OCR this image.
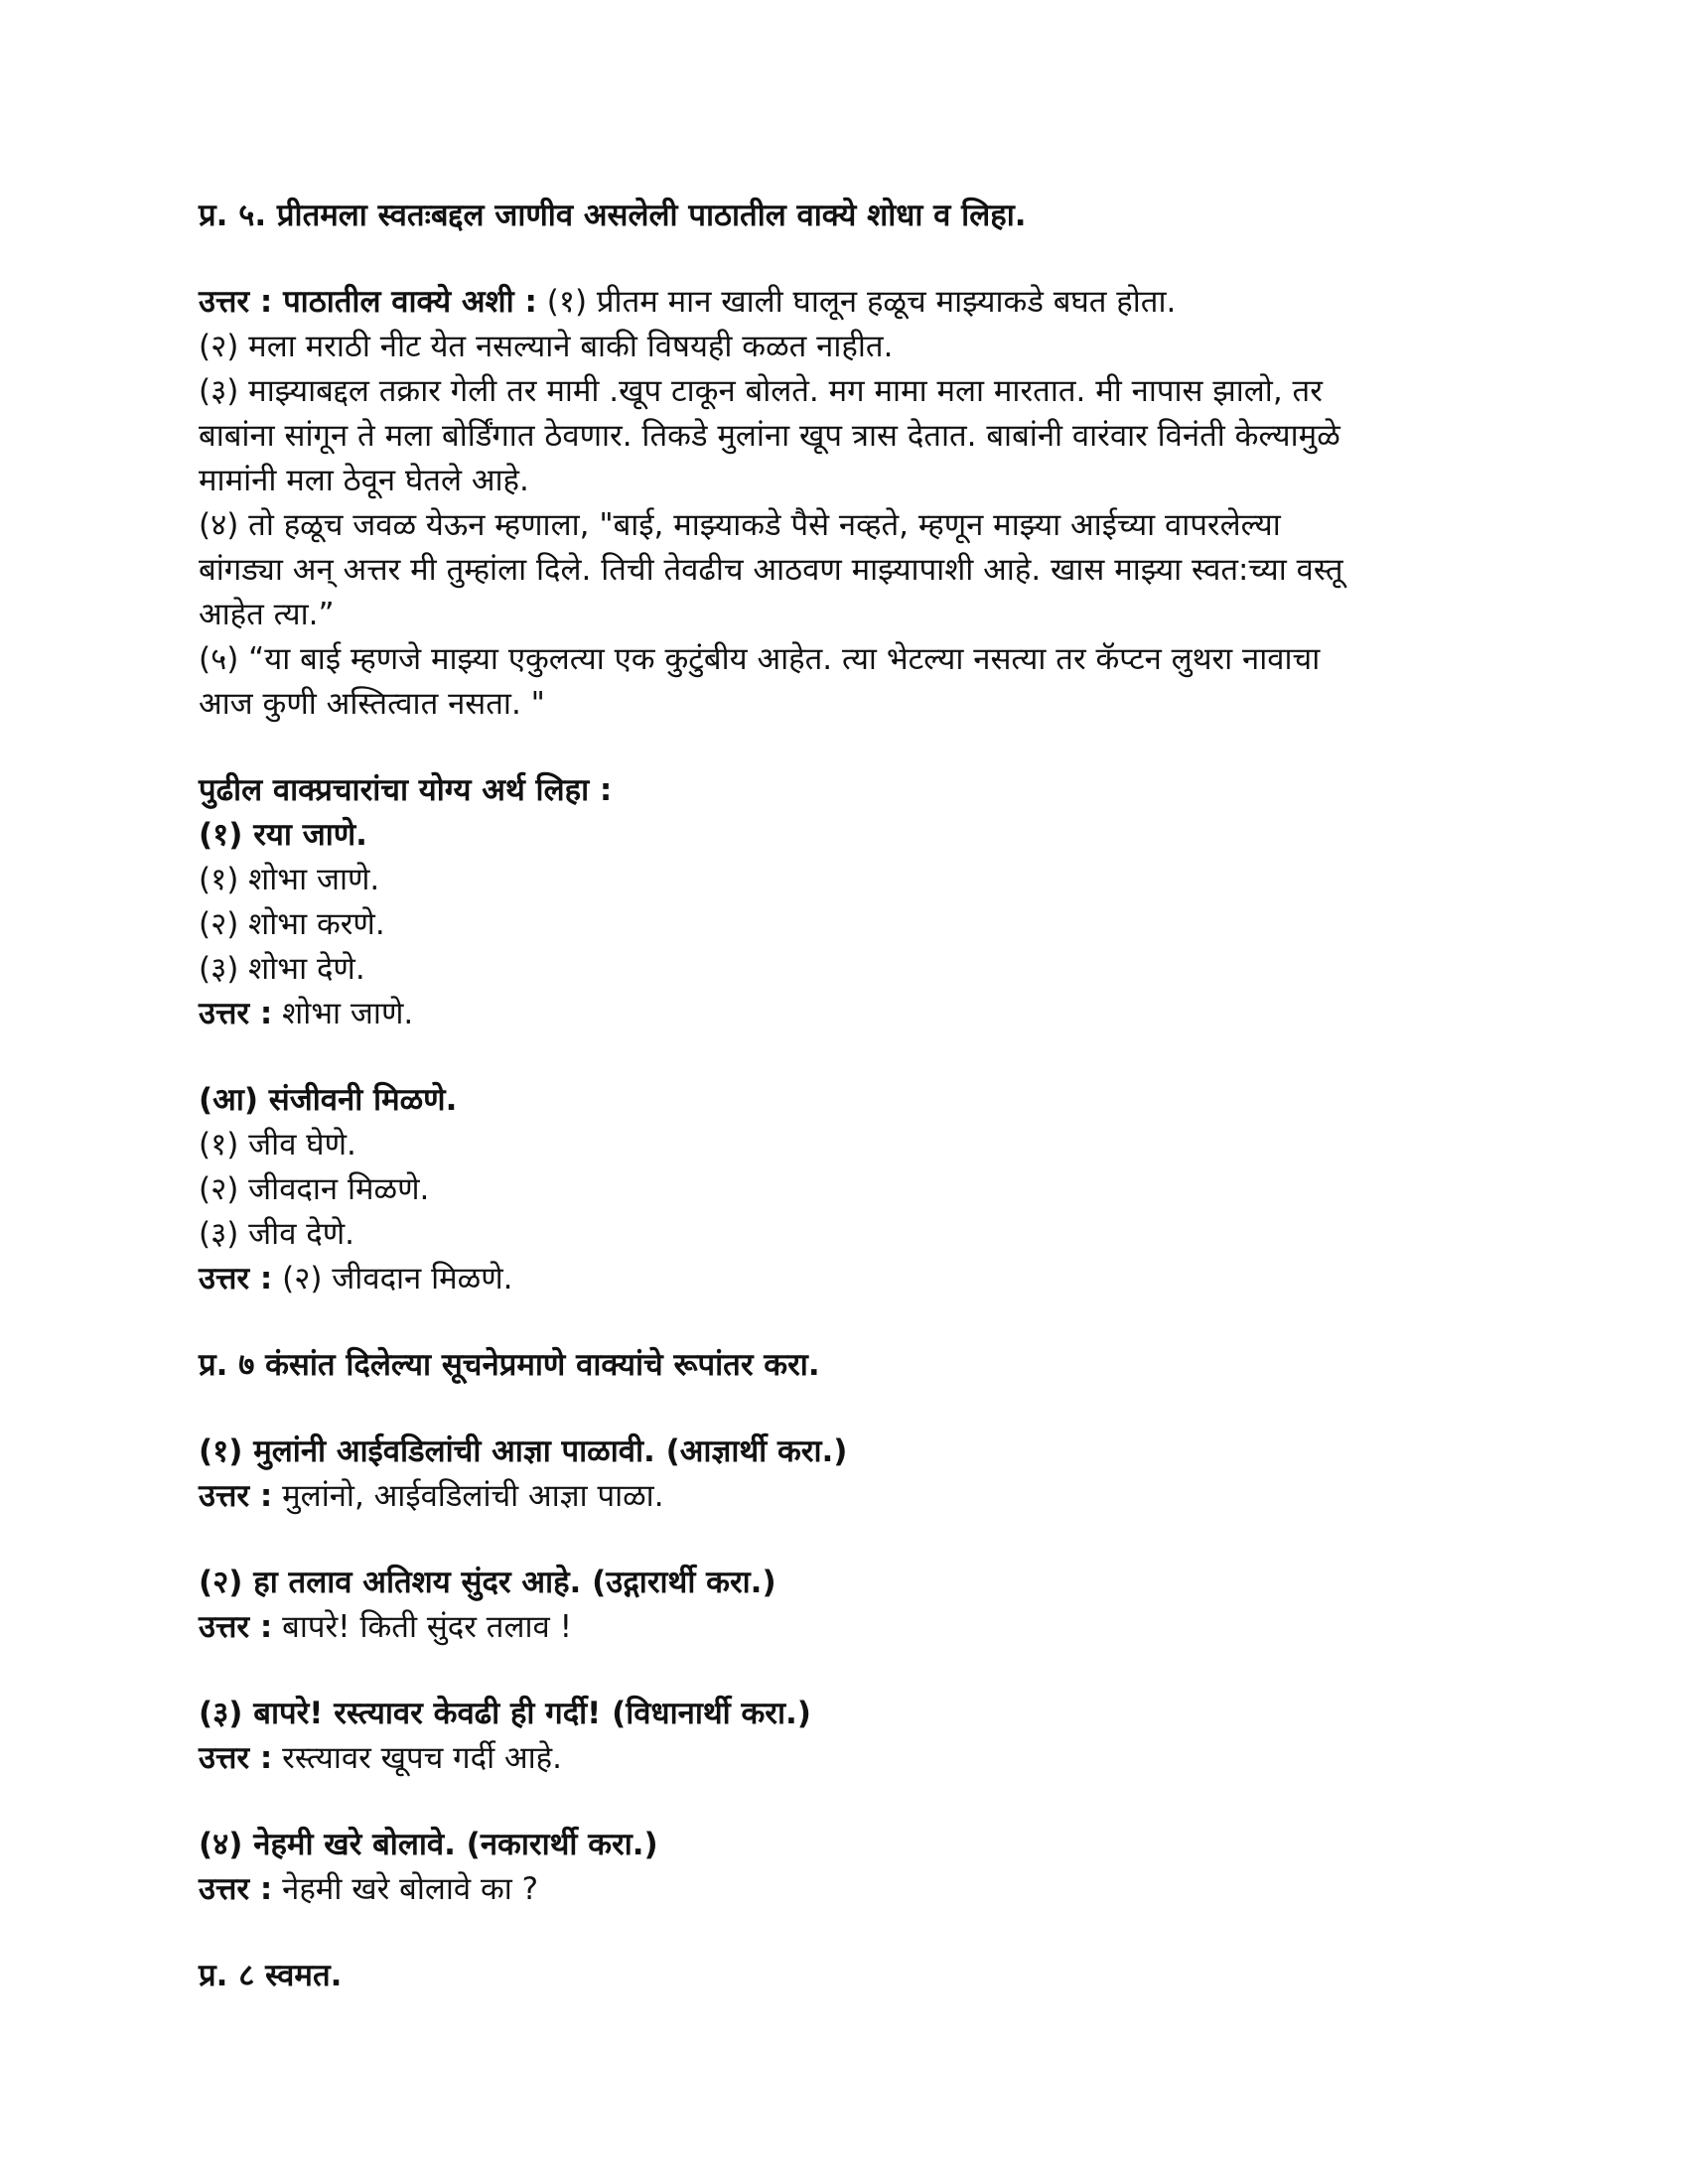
प्र. ५. प्रीतमला स्वतःबद्दल जाणीव असलेली पाठातील वाक्ये शोधा व लिहा.

उत्तर : पाठातील वाक्ये अशी : (१) प्रीतम मान खाली घालून हळूच माझ्याकडे बघत होता.

(२) मला मराठी नीट येत नसल्याने बाकी विषयही कळत नाहीत.

(३) माझ्याबद्दल तक्रार गेली तर मामी .खूप टाकून बोलते. मग मामा मला मारतात. मी नापास झालो, तर

बाबांना सांगून ते मला बोर्डिंगात ठेवणार. तिकडे मुलांना खूप त्रास देतात. बाबांनी वारंवार विनंती केल्यामुळे

मामांनी मला ठेवून घेतले आहे.

(४) तो हळूच जवळ येऊन म्हणाला, "बाई, माझ्याकडे पैसे नव्हते, म्हणून माझ्या आईच्या वापरलेल्या

बांगड्या अन् अत्तर मी तुम्हांला दिले. तिची तेवढीच आठवण माझ्यापाशी आहे. खास माझ्या स्वत:च्या वस्तू

आहेत त्या.”

(५) “या बाई म्हणजे माझ्या एकुलत्या एक कुटुंबीय आहेत. त्या भेटल्या नसत्या तर कॅप्टन लुथरा नावाचा

आज कुणी अस्तित्वात नसता. "

पुढील वाक्प्रचारांचा योग्य अर्थ लिहा :

(१) रया जाणे.

(१) शोभा जाणे.

(२) शोभा करणे.

(३) शोभा देणे.

उत्तर : शोभा जाणे.

(आ) संजीवनी मिळणे.

(१) जीव घेणे.

(२) जीवदान मिळणे.

(३) जीव देणे.

उत्तर : (२) जीवदान मिळणे.

प्र. ७ कंसांत दिलेल्या सूचनेप्रमाणे वाक्यांचे रूपांतर करा.

(१) मुलांनी आईवडिलांची आज्ञा पाळावी. (आज्ञार्थी करा.)

उत्तर : मुलांनो, आईवडिलांची आज्ञा पाळा.

(२) हा तलाव अतिशय सुंदर आहे. (उद्गारार्थी करा.)

उत्तर : बापरे! किती सुंदर तलाव !

(३) बापरे! रस्त्यावर केवढी ही गर्दी! (विधानार्थी करा.)

उत्तर : रस्त्यावर खूपच गर्दी आहे.

(४) नेहमी खरे बोलावे. (नकारार्थी करा.)

उत्तर : नेहमी खरे बोलावे का ?

प्र. ८ स्वमत.
